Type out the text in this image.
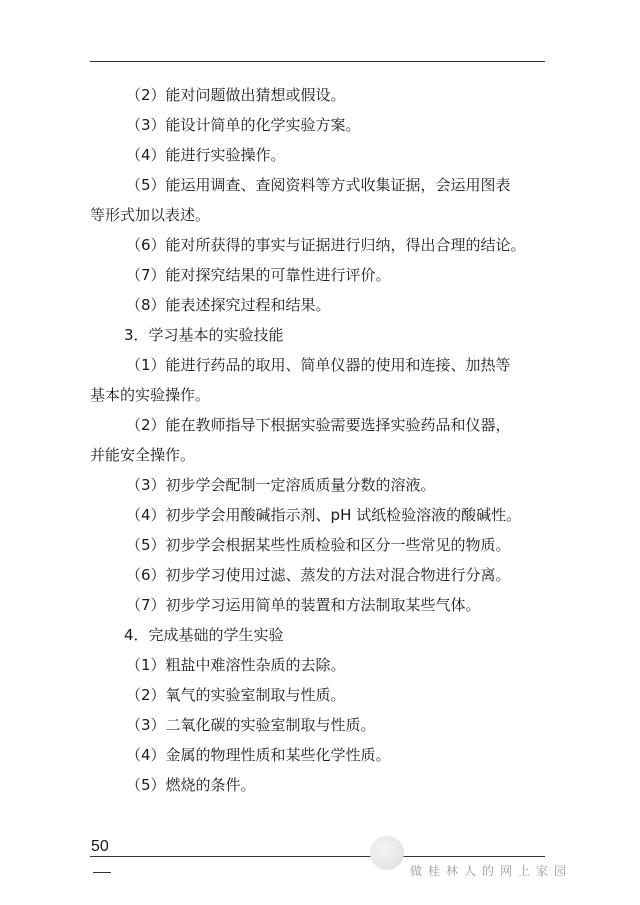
（2）能对问题做出猜想或假设。
（3）能设计简单的化学实验方案。
（4）能进行实验操作。
（5）能运用调查、查阅资料等方式收集证据，会运用图表
等形式加以表述。
（6）能对所获得的事实与证据进行归纳，得出合理的结论。
（7）能对探究结果的可靠性进行评价。
（8）能表述探究过程和结果。
3．学习基本的实验技能
（1）能进行药品的取用、简单仪器的使用和连接、加热等
基本的实验操作。
（2）能在教师指导下根据实验需要选择实验药品和仪器，
并能安全操作。
（3）初步学会配制一定溶质质量分数的溶液。
（4）初步学会用酸碱指示剂、pH 试纸检验溶液的酸碱性。
（5）初步学会根据某些性质检验和区分一些常见的物质。
（6）初步学习使用过滤、蒸发的方法对混合物进行分离。
（7）初步学习运用简单的装置和方法制取某些气体。
4．完成基础的学生实验
（1）粗盐中难溶性杂质的去除。
（2）氧气的实验室制取与性质。
（3）二氧化碳的实验室制取与性质。
（4）金属的物理性质和某些化学性质。
（5）燃烧的条件。
50
做桂林人的网上家园
